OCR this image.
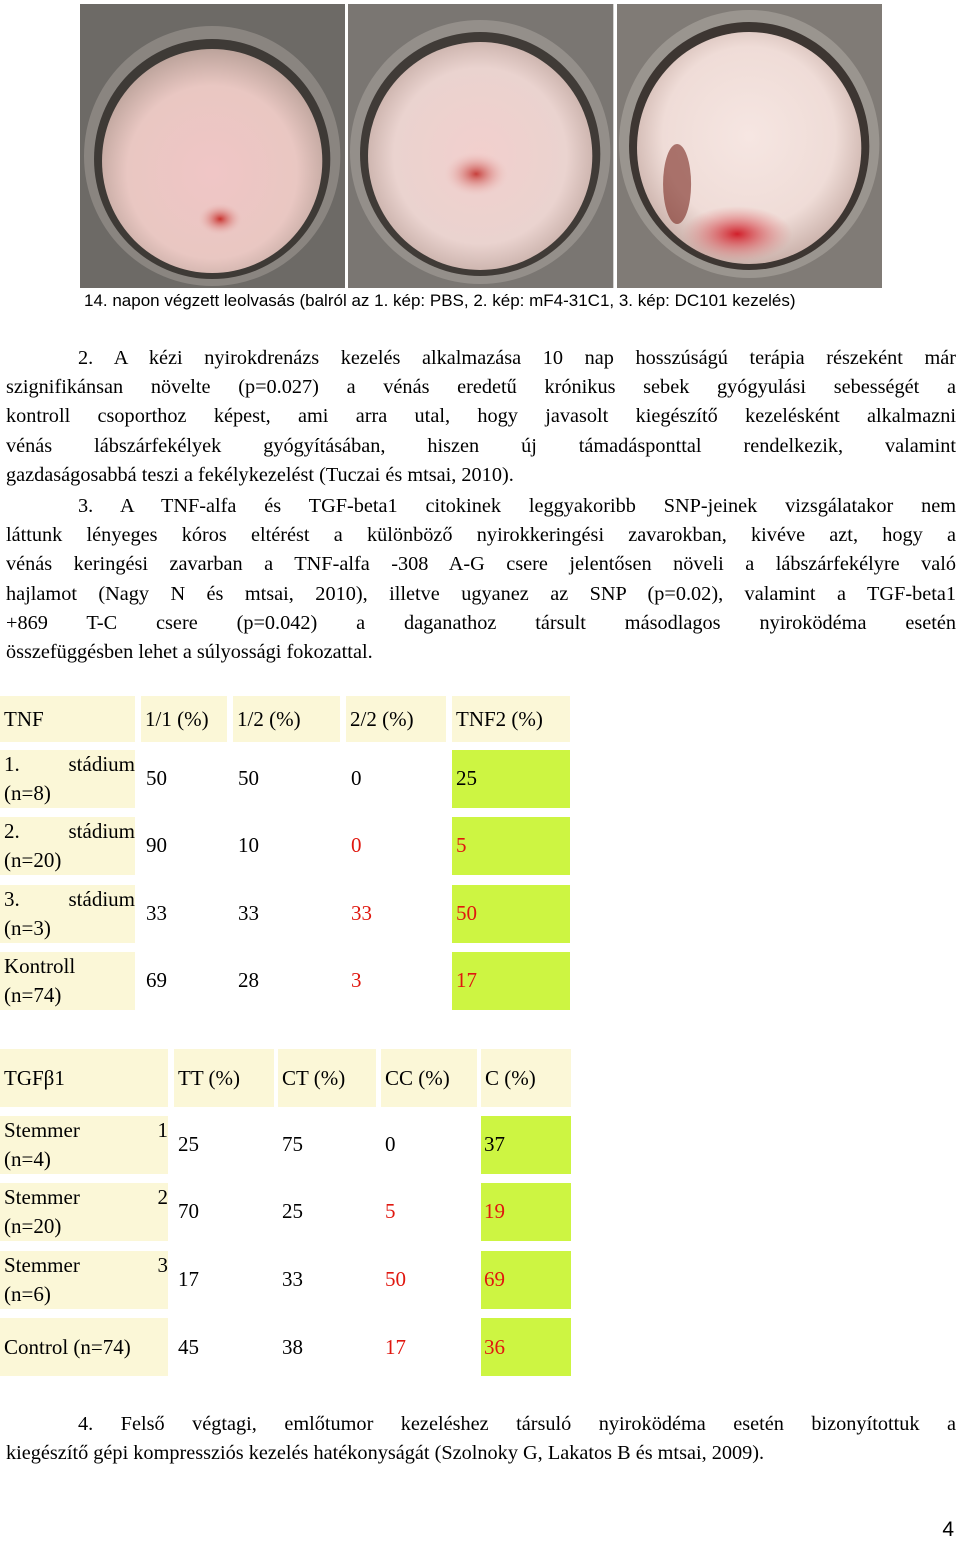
14. napon végzett leolvasás (balról az 1. kép: PBS, 2. kép: mF4-31C1, 3. kép: DC101 kezelés)
2. A kézi nyirokdrenázs kezelés alkalmazása 10 nap hosszúságú terápia részeként már
szignifikánsan növelte (p=0.027) a vénás eredetű krónikus sebek gyógyulási sebességét a
kontroll csoporthoz képest, ami arra utal, hogy javasolt kiegészítő kezelésként alkalmazni
vénás lábszárfekélyek gyógyításában, hiszen új támadásponttal rendelkezik, valamint
gazdaságosabbá teszi a fekélykezelést (Tuczai és mtsai, 2010).
3. A TNF-alfa és TGF-beta1 citokinek leggyakoribb SNP-jeinek vizsgálatakor nem
láttunk lényeges kóros eltérést a különböző nyirokkeringési zavarokban, kivéve azt, hogy a
vénás keringési zavarban a TNF-alfa -308 A-G csere jelentősen növeli a lábszárfekélyre való
hajlamot (Nagy N és mtsai, 2010), illetve ugyanez az SNP (p=0.02), valamint a TGF-beta1
+869 T-C csere (p=0.042) a daganathoz társult másodlagos nyiroködéma esetén
összefüggésben lehet a súlyossági fokozattal.
TNF	1/1 (%)	1/2 (%)	2/2 (%)	TNF2 (%)
1. stádium
(n=8)
50	50	0	25
2. stádium
(n=20)
90	10	0	5
3. stádium
(n=3)
33	33	33	50
Kontroll
(n=74)
69	28	3	17
TGFβ1	TT (%)	CT (%)	CC (%)	C (%)
Stemmer	1
(n=4)
25	75	0	37
Stemmer	2
(n=20)
70	25	5	19
Stemmer	3
(n=6)
17	33	50	69
Control (n=74)	45	38	17	36
4. Felső végtagi, emlőtumor kezeléshez társuló nyiroködéma esetén bizonyítottuk a
kiegészítő gépi kompressziós kezelés hatékonyságát (Szolnoky G, Lakatos B és mtsai, 2009).
4
